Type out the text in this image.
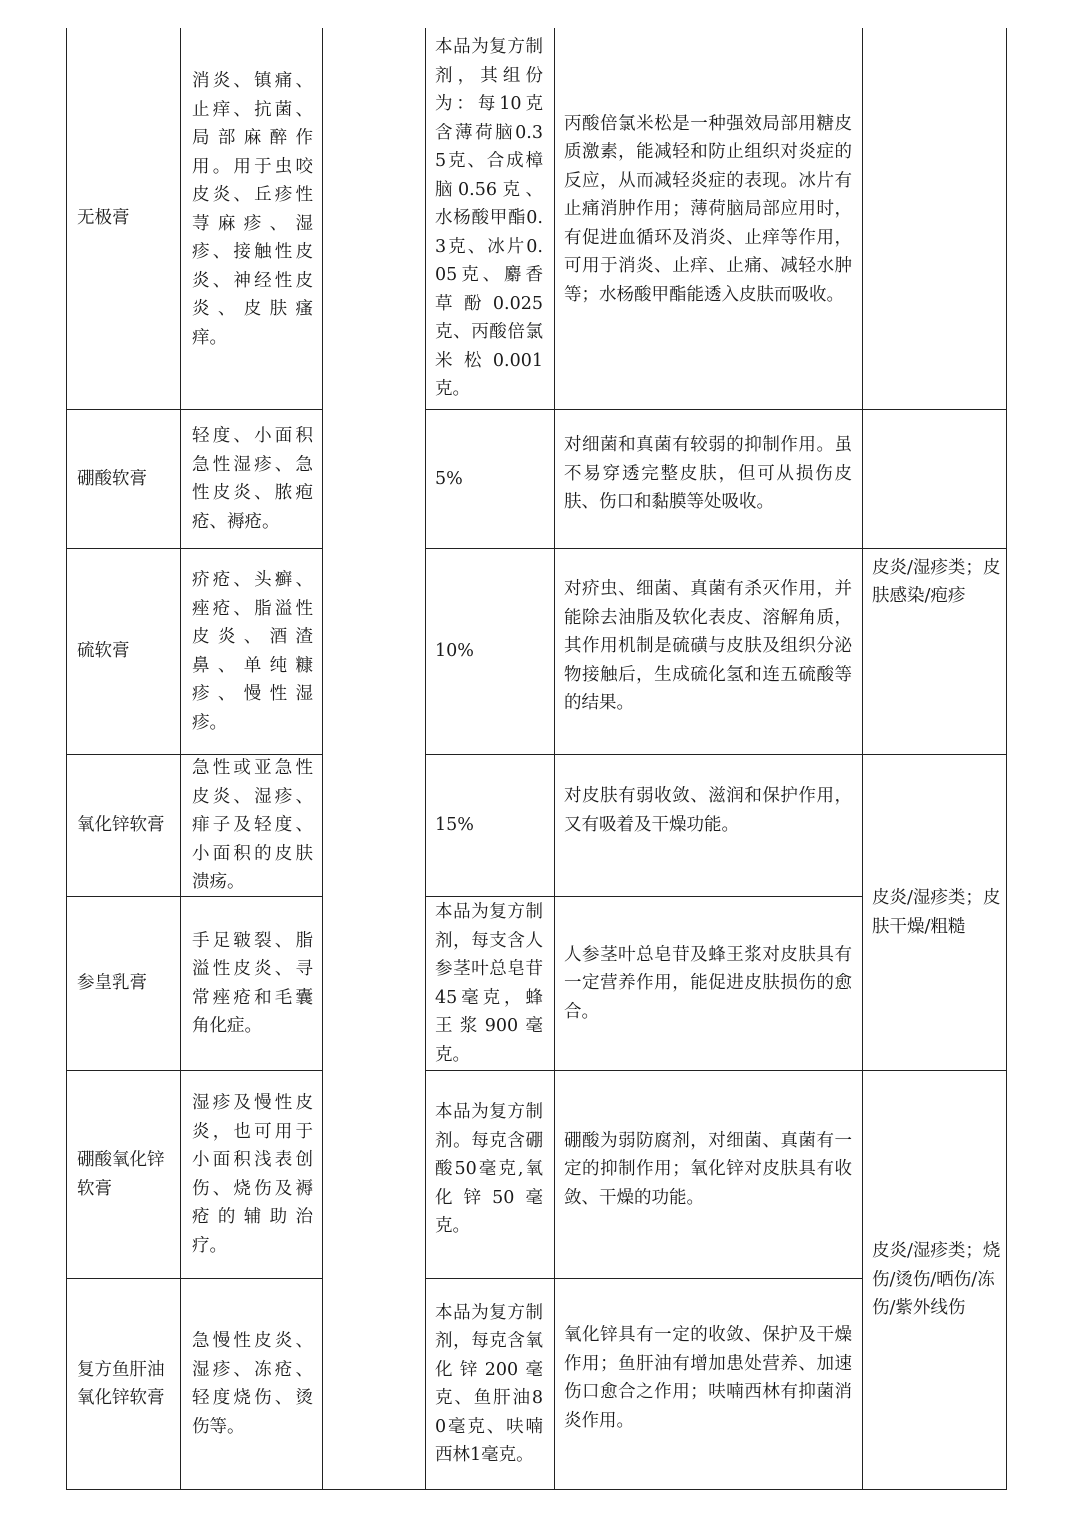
无极膏
消炎、镇痛、止痒、抗菌、局部麻醉作用。用于虫咬皮炎、丘疹性荨麻疹、湿疹、接触性皮炎、神经性皮炎、皮肤瘙痒。
本品为复方制剂，其组份为：每10克含薄荷脑0.35克、合成樟脑0.56克、水杨酸甲酯0.3克、冰片0.05克、麝香草酚0.025克、丙酸倍氯米松0.001克。
丙酸倍氯米松是一种强效局部用糖皮质激素，能减轻和防止组织对炎症的反应，从而减轻炎症的表现。冰片有止痛消肿作用；薄荷脑局部应用时，有促进血循环及消炎、止痒等作用，可用于消炎、止痒、止痛、减轻水肿等；水杨酸甲酯能透入皮肤而吸收。
硼酸软膏
轻度、小面积急性湿疹、急性皮炎、脓疱疮、褥疮。
5%
对细菌和真菌有较弱的抑制作用。虽不易穿透完整皮肤，但可从损伤皮肤、伤口和黏膜等处吸收。
硫软膏
疥疮、头癣、痤疮、脂溢性皮炎、酒渣鼻、单纯糠疹、慢性湿疹。
10%
对疥虫、细菌、真菌有杀灭作用，并能除去油脂及软化表皮、溶解角质，其作用机制是硫磺与皮肤及组织分泌物接触后，生成硫化氢和连五硫酸等的结果。
氧化锌软膏
急性或亚急性皮炎、湿疹、痱子及轻度、小面积的皮肤溃疡。
15%
对皮肤有弱收敛、滋润和保护作用，又有吸着及干燥功能。
参皇乳膏
手足皲裂、脂溢性皮炎、寻常痤疮和毛囊角化症。
本品为复方制剂，每支含人参茎叶总皂苷45毫克，蜂王浆900毫克。
人参茎叶总皂苷及蜂王浆对皮肤具有一定营养作用，能促进皮肤损伤的愈合。
硼酸氧化锌软膏
湿疹及慢性皮炎，也可用于小面积浅表创伤、烧伤及褥疮的辅助治疗。
本品为复方制剂。每克含硼酸50毫克,氧化锌50毫克。
硼酸为弱防腐剂，对细菌、真菌有一定的抑制作用；氧化锌对皮肤具有收敛、干燥的功能。
复方鱼肝油氧化锌软膏
急慢性皮炎、湿疹、冻疮、轻度烧伤、烫伤等。
本品为复方制剂，每克含氧化锌200毫克、鱼肝油80毫克、呋喃西林1毫克。
氧化锌具有一定的收敛、保护及干燥作用；鱼肝油有增加患处营养、加速伤口愈合之作用；呋喃西林有抑菌消炎作用。
皮炎/湿疹类；皮肤感染/疱疹
皮炎/湿疹类；皮肤干燥/粗糙
皮炎/湿疹类；烧伤/烫伤/晒伤/冻伤/紫外线伤
